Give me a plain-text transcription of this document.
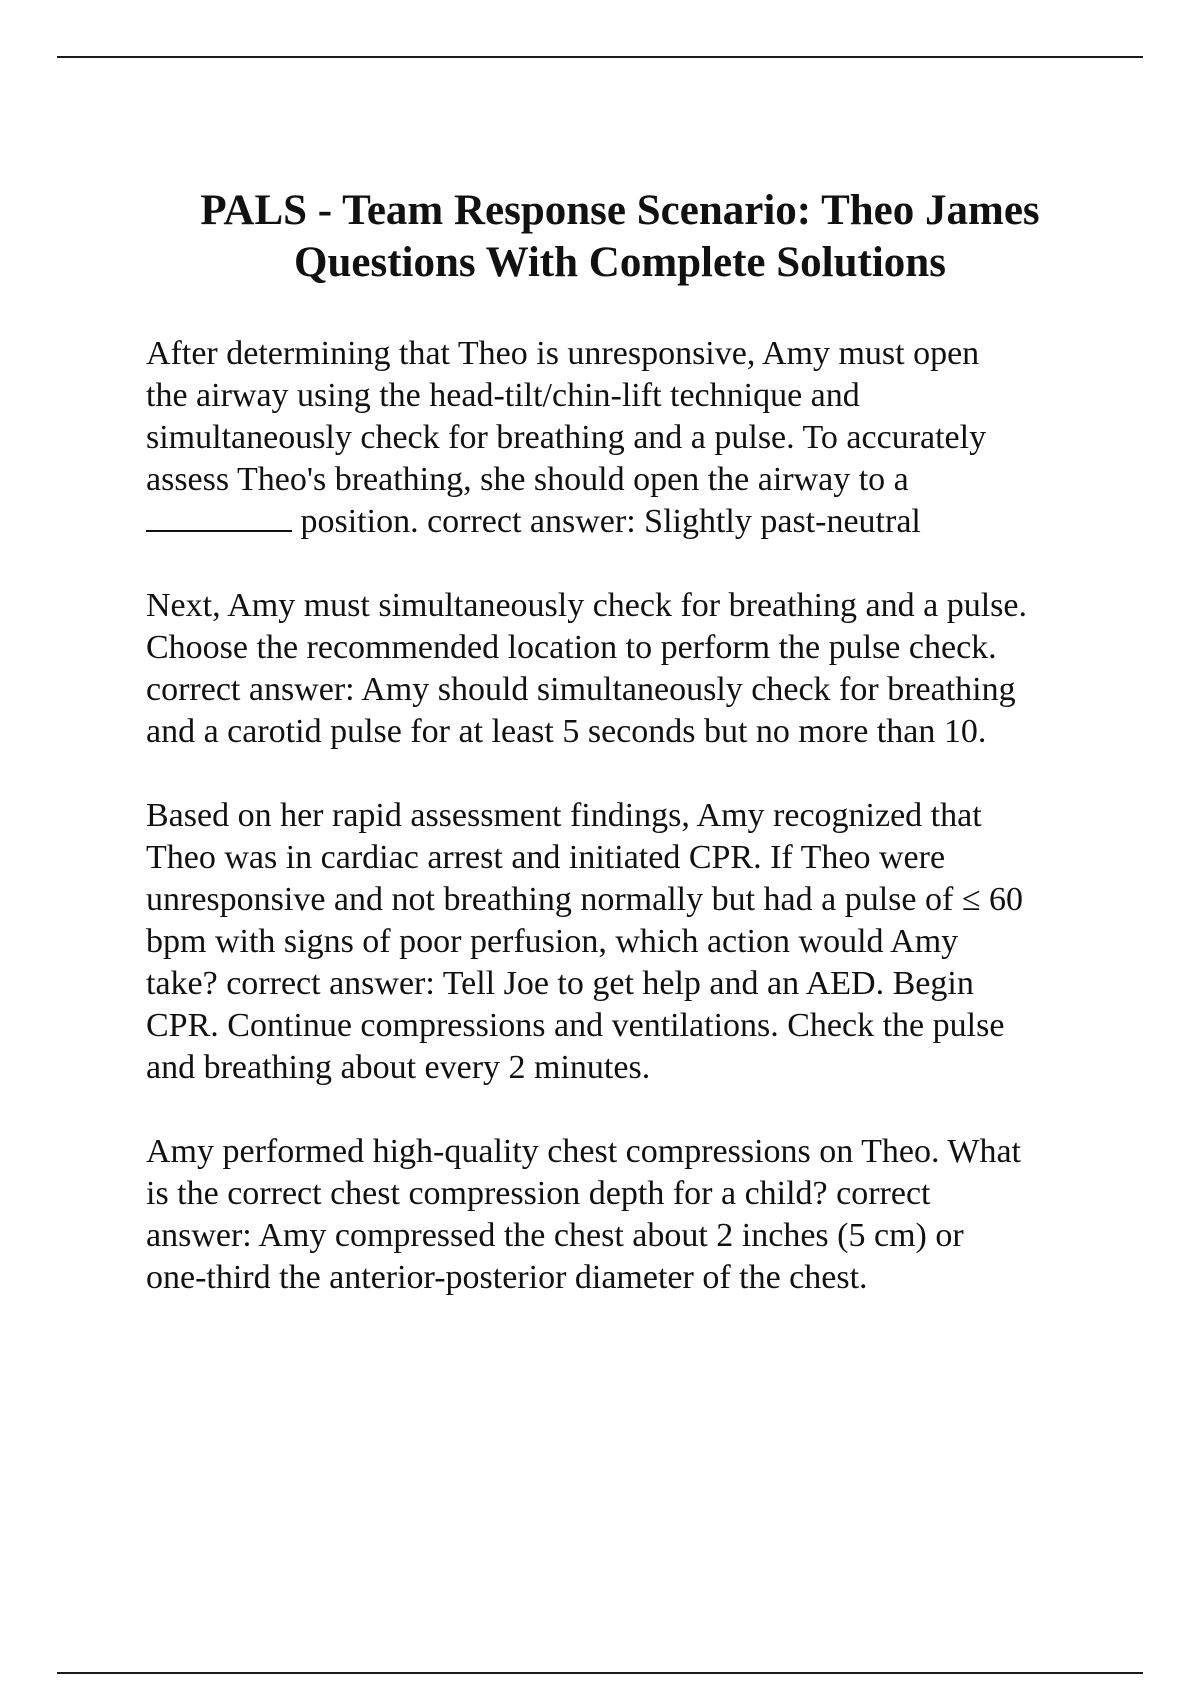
PALS - Team Response Scenario: Theo James
Questions With Complete Solutions

After determining that Theo is unresponsive, Amy must open
the airway using the head-tilt/chin-lift technique and
simultaneously check for breathing and a pulse. To accurately
assess Theo's breathing, she should open the airway to a
position. correct answer: Slightly past-neutral

Next, Amy must simultaneously check for breathing and a pulse.
Choose the recommended location to perform the pulse check.
correct answer: Amy should simultaneously check for breathing
and a carotid pulse for at least 5 seconds but no more than 10.

Based on her rapid assessment findings, Amy recognized that
Theo was in cardiac arrest and initiated CPR. If Theo were
unresponsive and not breathing normally but had a pulse of ≤ 60
bpm with signs of poor perfusion, which action would Amy
take? correct answer: Tell Joe to get help and an AED. Begin
CPR. Continue compressions and ventilations. Check the pulse
and breathing about every 2 minutes.

Amy performed high-quality chest compressions on Theo. What
is the correct chest compression depth for a child? correct
answer: Amy compressed the chest about 2 inches (5 cm) or
one-third the anterior-posterior diameter of the chest.
